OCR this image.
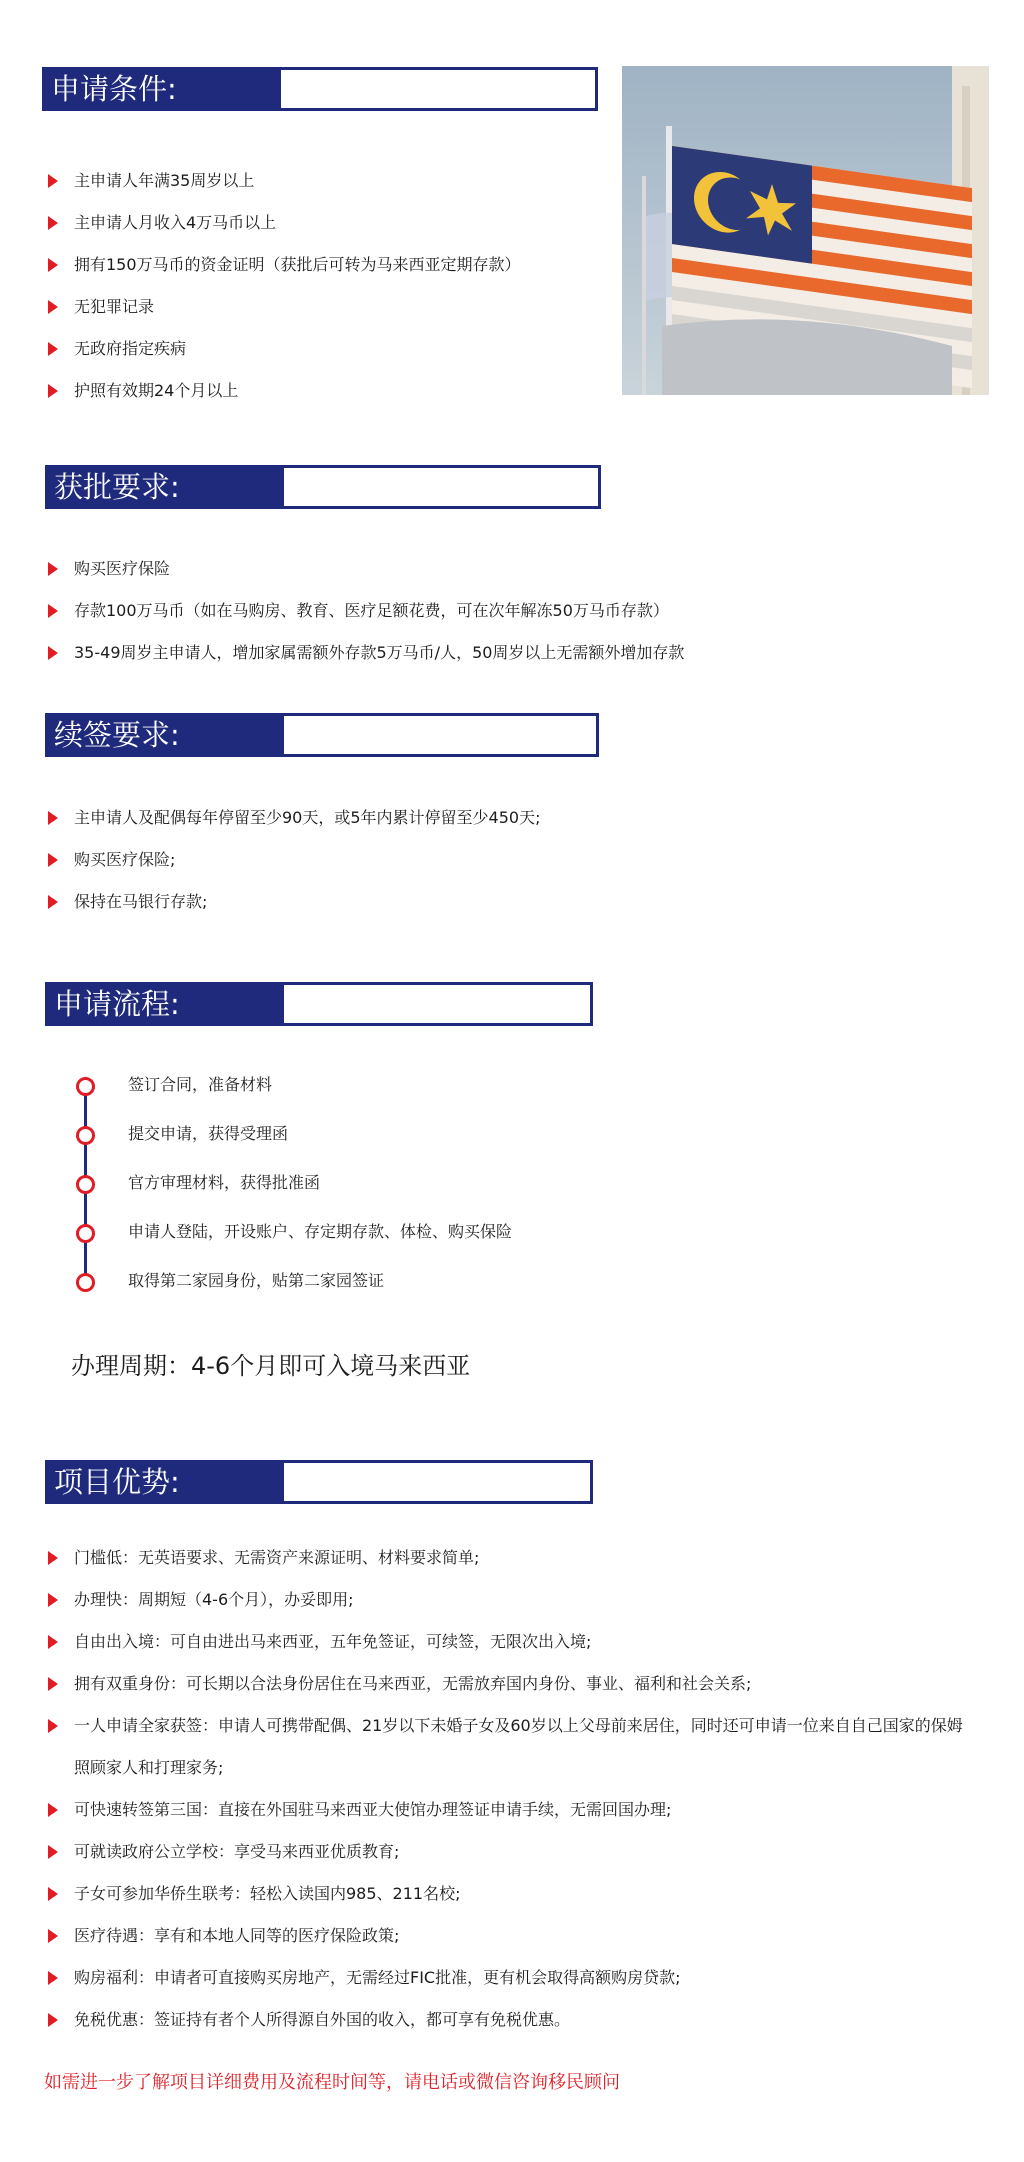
申请条件:
主申请人年满35周岁以上
主申请人月收入4万马币以上
拥有150万马币的资金证明（获批后可转为马来西亚定期存款）
无犯罪记录
无政府指定疾病
护照有效期24个月以上
获批要求:
购买医疗保险
存款100万马币（如在马购房、教育、医疗足额花费，可在次年解冻50万马币存款）
35-49周岁主申请人，增加家属需额外存款5万马币/人，50周岁以上无需额外增加存款
续签要求:
主申请人及配偶每年停留至少90天，或5年内累计停留至少450天;
购买医疗保险;
保持在马银行存款;
申请流程:
签订合同，准备材料
提交申请，获得受理函
官方审理材料，获得批准函
申请人登陆，开设账户、存定期存款、体检、购买保险
取得第二家园身份，贴第二家园签证
办理周期：4-6个月即可入境马来西亚
项目优势:
门槛低：无英语要求、无需资产来源证明、材料要求简单;
办理快：周期短（4-6个月），办妥即用;
自由出入境：可自由进出马来西亚，五年免签证，可续签，无限次出入境;
拥有双重身份：可长期以合法身份居住在马来西亚，无需放弃国内身份、事业、福利和社会关系;
一人申请全家获签：申请人可携带配偶、21岁以下未婚子女及60岁以上父母前来居住，同时还可申请一位来自自己国家的保姆照顾家人和打理家务;
可快速转签第三国：直接在外国驻马来西亚大使馆办理签证申请手续，无需回国办理;
可就读政府公立学校：享受马来西亚优质教育;
子女可参加华侨生联考：轻松入读国内985、211名校;
医疗待遇：享有和本地人同等的医疗保险政策;
购房福利：申请者可直接购买房地产，无需经过FIC批准，更有机会取得高额购房贷款;
免税优惠：签证持有者个人所得源自外国的收入，都可享有免税优惠。
如需进一步了解项目详细费用及流程时间等，请电话或微信咨询移民顾问
